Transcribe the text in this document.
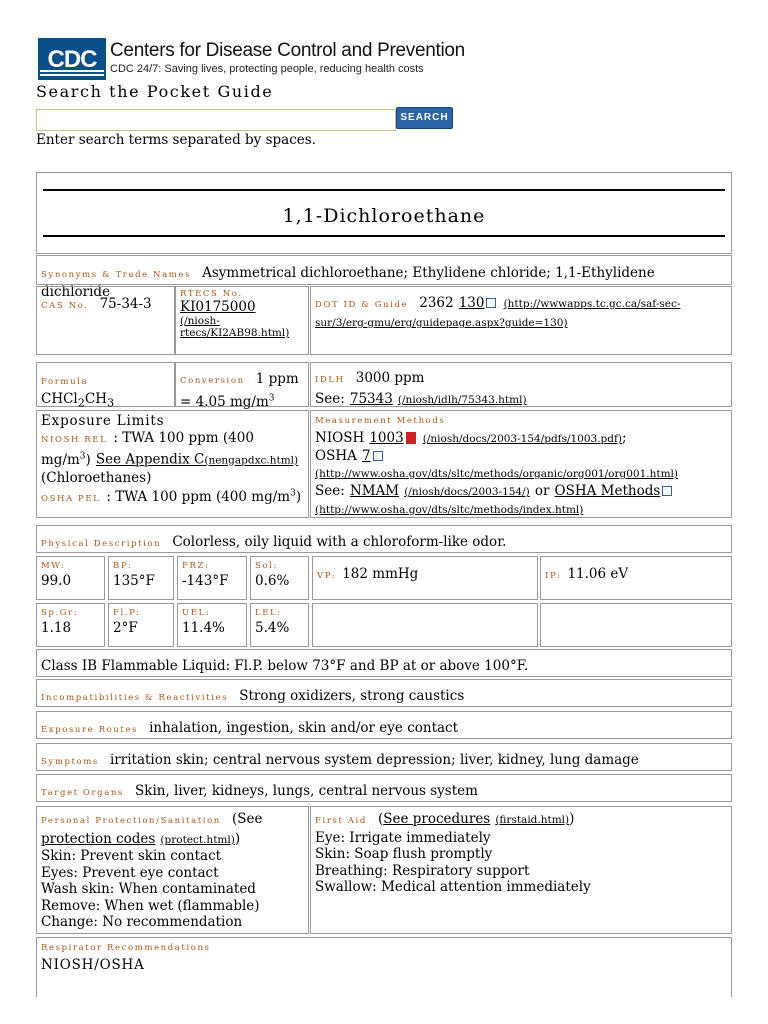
CDC Centers for Disease Control and Prevention
CDC 24/7: Saving lives, protecting people, reducing health costs
Search the Pocket Guide
SEARCH
Enter search terms separated by spaces.
1,1-Dichloroethane
Synonyms & Trade Names Asymmetrical dichloroethane; Ethylidene chloride; 1,1-Ethylidene dichloride
CAS No. 75-34-3
RTECS No.
KI0175000
(/niosh-rtecs/KI2AB98.html)
DOT ID & Guide 2362 130 (http://wwwapps.tc.gc.ca/saf-sec-sur/3/erg-gmu/erg/guidepage.aspx?guide=130)
Formula $CHCl_2CH_3$
Conversion 1 ppm = 4.05 $mg/m^3$
IDLH 3000 ppm
See: 75343 (/niosh/idlh/75343.html)
Exposure Limits
NIOSH REL : TWA 100 ppm (400 $mg/m^3$) See Appendix C(nengapdxc.html)
(Chloroethanes)
OSHA PEL : TWA 100 ppm (400 $mg/m^3$)
Measurement Methods
NIOSH 1003 (/niosh/docs/2003-154/pdfs/1003.pdf);
OSHA 7
(http://www.osha.gov/dts/sltc/methods/organic/org001/org001.html)
See: NMAM (/niosh/docs/2003-154/) or OSHA Methods
(http://www.osha.gov/dts/sltc/methods/index.html)
Physical Description Colorless, oily liquid with a chloroform-like odor.
MW:
99.0
BP:
135°F
FRZ:
-143°F
Sol:
0.6%	VP: 182 mmHg	IP: 11.06 eV
Sp.Gr:
1.18
Fl.P:
2°F
UEL:
11.4%
LEL:
5.4%
Class IB Flammable Liquid: Fl.P. below 73°F and BP at or above 100°F.
Incompatibilities & Reactivities Strong oxidizers, strong caustics
Exposure Routes inhalation, ingestion, skin and/or eye contact
Symptoms irritation skin; central nervous system depression; liver, kidney, lung damage
Target Organs Skin, liver, kidneys, lungs, central nervous system
Personal Protection/Sanitation (See protection codes (protect.html))
Skin: Prevent skin contact
Eyes: Prevent eye contact
Wash skin: When contaminated
Remove: When wet (flammable)
Change: No recommendation
First Aid (See procedures (firstaid.html))
Eye: Irrigate immediately
Skin: Soap flush promptly
Breathing: Respiratory support
Swallow: Medical attention immediately
Respirator Recommendations
NIOSH/OSHA
